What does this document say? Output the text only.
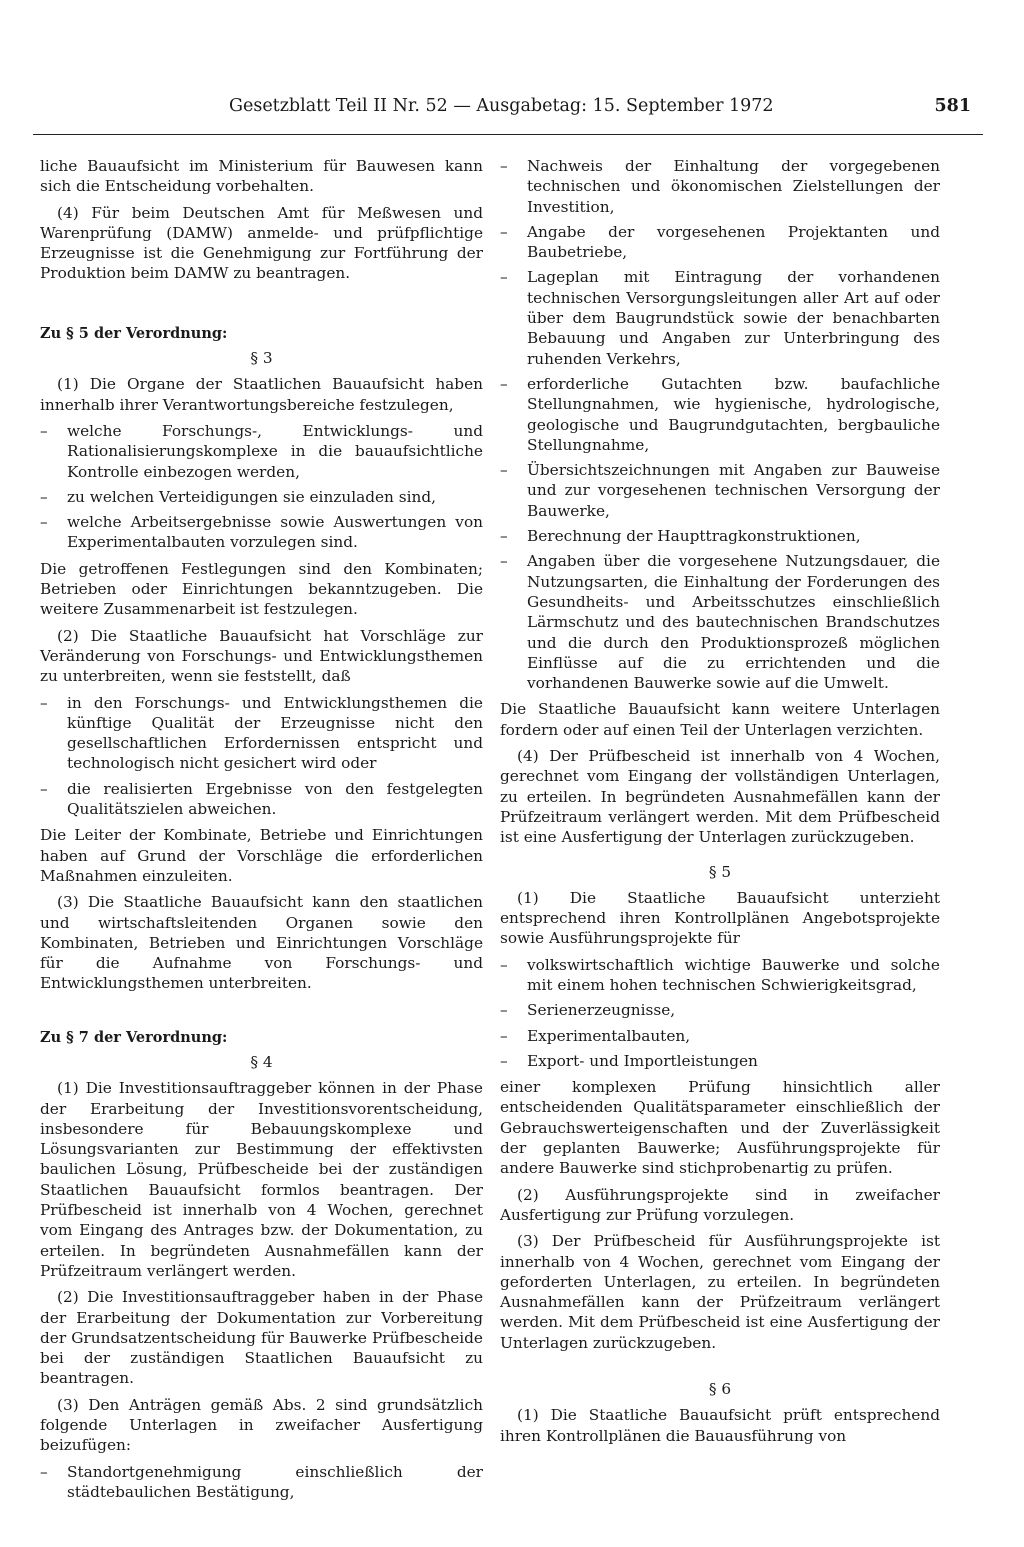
Gesetzblatt Teil II Nr. 52 — Ausgabetag: 15. September 1972	581

liche Bauaufsicht im Ministerium für Bauwesen kann sich die Entscheidung vorbehalten.

(4) Für beim Deutschen Amt für Meßwesen und Warenprüfung (DAMW) anmelde- und prüfpflichtige Erzeugnisse ist die Genehmigung zur Fortführung der Produktion beim DAMW zu beantragen.

Zu § 5 der Verordnung:
§ 3

(1) Die Organe der Staatlichen Bauaufsicht haben innerhalb ihrer Verantwortungsbereiche festzulegen,

– welche Forschungs-, Entwicklungs- und Rationalisierungskomplexe in die bauaufsichtliche Kontrolle einbezogen werden,
– zu welchen Verteidigungen sie einzuladen sind,
– welche Arbeitsergebnisse sowie Auswertungen von Experimentalbauten vorzulegen sind.

Die getroffenen Festlegungen sind den Kombinaten; Betrieben oder Einrichtungen bekanntzugeben. Die weitere Zusammenarbeit ist festzulegen.

(2) Die Staatliche Bauaufsicht hat Vorschläge zur Veränderung von Forschungs- und Entwicklungsthemen zu unterbreiten, wenn sie feststellt, daß

– in den Forschungs- und Entwicklungsthemen die künftige Qualität der Erzeugnisse nicht den gesellschaftlichen Erfordernissen entspricht und technologisch nicht gesichert wird oder
– die realisierten Ergebnisse von den festgelegten Qualitätszielen abweichen.

Die Leiter der Kombinate, Betriebe und Einrichtungen haben auf Grund der Vorschläge die erforderlichen Maßnahmen einzuleiten.

(3) Die Staatliche Bauaufsicht kann den staatlichen und wirtschaftsleitenden Organen sowie den Kombinaten, Betrieben und Einrichtungen Vorschläge für die Aufnahme von Forschungs- und Entwicklungsthemen unterbreiten.

Zu § 7 der Verordnung:
§ 4

(1) Die Investitionsauftraggeber können in der Phase der Erarbeitung der Investitionsvorentscheidung, insbesondere für Bebauungskomplexe und Lösungsvarianten zur Bestimmung der effektivsten baulichen Lösung, Prüfbescheide bei der zuständigen Staatlichen Bauaufsicht formlos beantragen. Der Prüfbescheid ist innerhalb von 4 Wochen, gerechnet vom Eingang des Antrages bzw. der Dokumentation, zu erteilen. In begründeten Ausnahmefällen kann der Prüfzeitraum verlängert werden.

(2) Die Investitionsauftraggeber haben in der Phase der Erarbeitung der Dokumentation zur Vorbereitung der Grundsatzentscheidung für Bauwerke Prüfbescheide bei der zuständigen Staatlichen Bauaufsicht zu beantragen.

(3) Den Anträgen gemäß Abs. 2 sind grundsätzlich folgende Unterlagen in zweifacher Ausfertigung beizufügen:

– Standortgenehmigung einschließlich der städtebaulichen Bestätigung,
– Nachweis der Einhaltung der vorgegebenen technischen und ökonomischen Zielstellungen der Investition,
– Angabe der vorgesehenen Projektanten und Baubetriebe,
– Lageplan mit Eintragung der vorhandenen technischen Versorgungsleitungen aller Art auf oder über dem Baugrundstück sowie der benachbarten Bebauung und Angaben zur Unterbringung des ruhenden Verkehrs,
– erforderliche Gutachten bzw. baufachliche Stellungnahmen, wie hygienische, hydrologische, geologische und Baugrundgutachten, bergbauliche Stellungnahme,
– Übersichtszeichnungen mit Angaben zur Bauweise und zur vorgesehenen technischen Versorgung der Bauwerke,
– Berechnung der Haupttragkonstruktionen,
– Angaben über die vorgesehene Nutzungsdauer, die Nutzungsarten, die Einhaltung der Forderungen des Gesundheits- und Arbeitsschutzes einschließlich Lärmschutz und des bautechnischen Brandschutzes und die durch den Produktionsprozeß möglichen Einflüsse auf die zu errichtenden und die vorhandenen Bauwerke sowie auf die Umwelt.

Die Staatliche Bauaufsicht kann weitere Unterlagen fordern oder auf einen Teil der Unterlagen verzichten.

(4) Der Prüfbescheid ist innerhalb von 4 Wochen, gerechnet vom Eingang der vollständigen Unterlagen, zu erteilen. In begründeten Ausnahmefällen kann der Prüfzeitraum verlängert werden. Mit dem Prüfbescheid ist eine Ausfertigung der Unterlagen zurückzugeben.

§ 5

(1) Die Staatliche Bauaufsicht unterzieht entsprechend ihren Kontrollplänen Angebotsprojekte sowie Ausführungsprojekte für

– volkswirtschaftlich wichtige Bauwerke und solche mit einem hohen technischen Schwierigkeitsgrad,
– Serienerzeugnisse,
– Experimentalbauten,
– Export- und Importleistungen

einer komplexen Prüfung hinsichtlich aller entscheidenden Qualitätsparameter einschließlich der Gebrauchswerteigenschaften und der Zuverlässigkeit der geplanten Bauwerke; Ausführungsprojekte für andere Bauwerke sind stichprobenartig zu prüfen.

(2) Ausführungsprojekte sind in zweifacher Ausfertigung zur Prüfung vorzulegen.

(3) Der Prüfbescheid für Ausführungsprojekte ist innerhalb von 4 Wochen, gerechnet vom Eingang der geforderten Unterlagen, zu erteilen. In begründeten Ausnahmefällen kann der Prüfzeitraum verlängert werden. Mit dem Prüfbescheid ist eine Ausfertigung der Unterlagen zurückzugeben.

§ 6

(1) Die Staatliche Bauaufsicht prüft entsprechend ihren Kontrollplänen die Bauausführung von
